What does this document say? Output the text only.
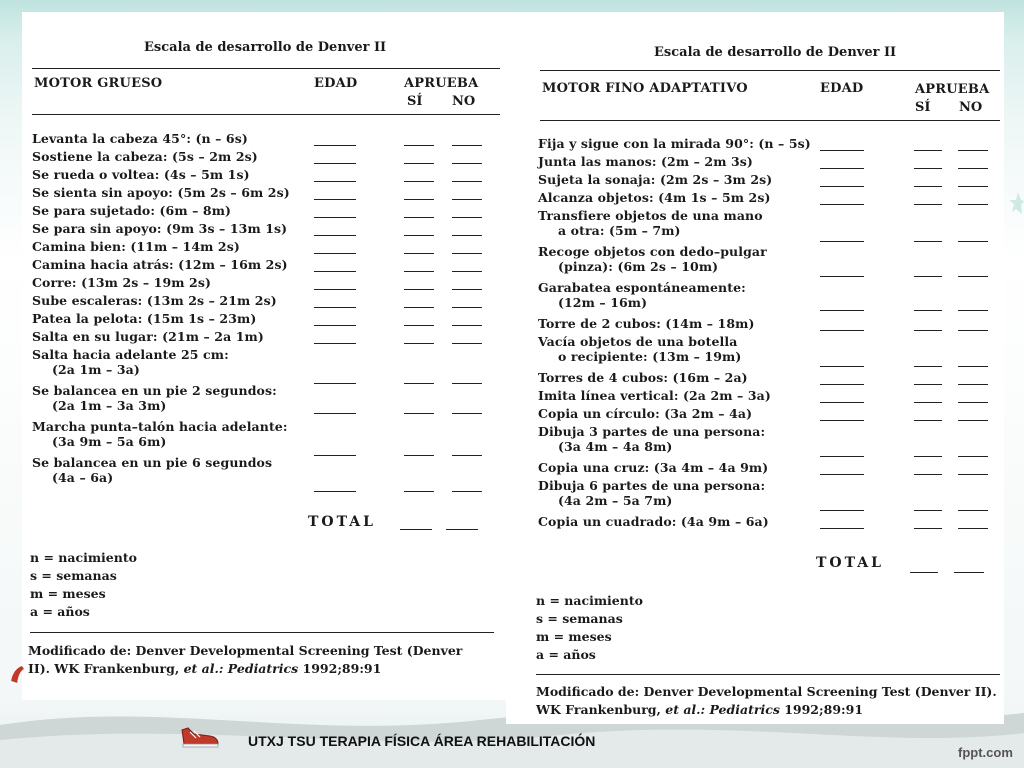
Escala de desarrollo de Denver II
MOTOR GRUESO	EDAD	APRUEBA
SÍ NO
Levanta la cabeza 45°: (n – 6s)
Sostiene la cabeza: (5s – 2m 2s)
Se rueda o voltea: (4s – 5m 1s)
Se sienta sin apoyo: (5m 2s – 6m 2s)
Se para sujetado: (6m – 8m)
Se para sin apoyo: (9m 3s – 13m 1s)
Camina bien: (11m – 14m 2s)
Camina hacia atrás: (12m – 16m 2s)
Corre: (13m 2s – 19m 2s)
Sube escaleras: (13m 2s – 21m 2s)
Patea la pelota: (15m 1s – 23m)
Salta en su lugar: (21m – 2a 1m)
Salta hacia adelante 25 cm:
(2a 1m – 3a)
Se balancea en un pie 2 segundos:
(2a 1m – 3a 3m)
Marcha punta–talón hacia adelante:
(3a 9m – 5a 6m)
Se balancea en un pie 6 segundos
(4a – 6a)
TOTAL
n = nacimiento
s = semanas
m = meses
a = años
Modificado de: Denver Developmental Screening Test (Denver
II). WK Frankenburg, et al.: Pediatrics 1992;89:91
Escala de desarrollo de Denver II
MOTOR FINO ADAPTATIVO	EDAD	APRUEBA
SÍ NO
Fija y sigue con la mirada 90°: (n – 5s)
Junta las manos: (2m – 2m 3s)
Sujeta la sonaja: (2m 2s – 3m 2s)
Alcanza objetos: (4m 1s – 5m 2s)
Transfiere objetos de una mano
a otra: (5m – 7m)
Recoge objetos con dedo–pulgar
(pinza): (6m 2s – 10m)
Garabatea espontáneamente:
(12m – 16m)
Torre de 2 cubos: (14m – 18m)
Vacía objetos de una botella
o recipiente: (13m – 19m)
Torres de 4 cubos: (16m – 2a)
Imita línea vertical: (2a 2m – 3a)
Copia un círculo: (3a 2m – 4a)
Dibuja 3 partes de una persona:
(3a 4m – 4a 8m)
Copia una cruz: (3a 4m – 4a 9m)
Dibuja 6 partes de una persona:
(4a 2m – 5a 7m)
Copia un cuadrado: (4a 9m – 6a)
TOTAL
n = nacimiento
s = semanas
m = meses
a = años
Modificado de: Denver Developmental Screening Test (Denver II).
WK Frankenburg, et al.: Pediatrics 1992;89:91
UTXJ TSU TERAPIA FÍSICA ÁREA REHABILITACIÓN
fppt.com
